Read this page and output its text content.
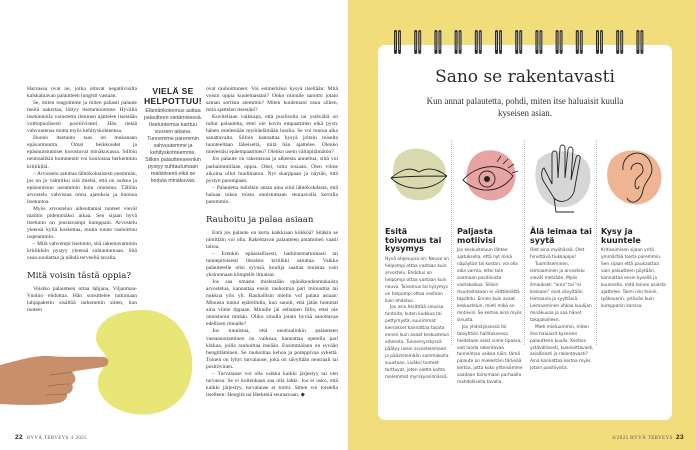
Harvassa ovat ne, jotka ottavat negatiivisilta kalskahtavan palautteen lungisti vastaan.

Se, miten reagoimme ja miten pahasti palaute meitä nakertaa, liittyy itsetuntoomme. Hyvällä itsetunnolla varustettu ihminen ajattelee itsestään voittopuolisesti positiivisesti. Hän tietää vahvuutensa mutta myös kehityskohteensa.

Huono itsetunto taas on mukanaan epävarmuutta. Omat heikkoudet ja epäonnistumiset korostuvat minäkuvassa. Silloin neutraalikin kommentti voi kuulostaa herkemmin kritiikiltä.

– Arvostelu satuttaa lähtökohtaisesti enemmän, jos on jo valmiiksi sitä mieltä, että on surkea ja epäonnistuu useammin kuin onnistuu. Tällöin arvostelu vahvistaa omia ajatuksia ja huonoa itsetuntoa.

Myös arvostelun aiheuttamat tunteet vievät mailtin pidemmäksi aikaa. Sen sijaan hyvä itsetunto on joustavampi kumppani. Arvostelu yleensä kyllä koskettaa, mutta tunne rauhoittuu nopeammin.

– Mitä vahvempi itsetunto, sitä rakentavammin kritiikkiin pystyy yleensä suhtautumaan. Sitä osaa suodattaa ja nähdä terveellä tavalla.

Mitä voisin tästä oppia?

Voisiko palautteen ottaa lahjana, Viljanmaa-Vuohio ehdottaa. Hän suosittelee tutkimaan lahjapaketin sisältöä tarkemmin sitten, kun tunteet

VIELÄ SE HELPOTTUU!

Elämänkokemus auttaa palautteen sietämisessä. Itsetuntemus karttuu vuosien aikana. Tunnemme paremmin vahvuutemme ja kehityskohteemme. Silloin palautteeseenkin pystyy suhtautumaan realistisesti eikä se horjuta minäkuvaa.

ovat rauhoittuneet. Voi esimerkiksi kysyä itseltään: Mitä voisin oppia kuulemastani? Onko minulle sanottu jotain saman sortista aiemmin? Miten kuulemani osuu siihen, mitä ajattelen itsestäni?

Kuvitellaan vaikkapa, että puolisolta tai ystävältä on tullut palautetta, ettei ole kovin empaattinen eikä pysty hänen mielestään myötäelämään huolia. Se voi tuntua aika sanattavalta. Silloin kannattaa kysyä joltain toiselta luonteeltaan läheiseltä, mitä hän ajattelee. Olenko mielestäsi epäempaattinen? Olenko usein välinpitämätön?

Jos palaute on rakentavaa ja alkeesta annettua, siitä voi parhaimmillaan oppia. Okei, totta tosiaan. Olen viime aikoina ollut huolimaton. Nyt skarppaan ja näytän, että pystyn parempaan.

– Palautetta tulisikin antaa aina siitä lähtökohdasta, että haluaa tukea toista onnistumaan seuraavalla kerralla paremmin.

Rauhoitu ja palaa asiaan

Entä jos palaute on kerta kaikkiaan kökköä? Sitäkin se nimittäin voi olla. Rakentavan palautteen antaminen vaatii taitoa.

– Erenkin epäasiallisesti, harkitsemattomasti tai tunnepitoisesti ilmaistu kritiikki satuttaa. Vaikka palautteelle olisi syynsä, kuulija saattaa muistaa vain yksinomaan kömpelöt ilmaisut.

Jos saa omasta mielestään epäoikeudenmukaista arvostelua, kannattaa ensin rauhoittua pari minuuttia tai nukkua yön yli. Rauhallisin mielin voi palata asiaan: Minusta tuntui epäreilulta, kun sanoit, että jätän hommat aina viime tippaan. Minulle jäi sellainen fiilis, ettei ole onnistunut mitään. Oliko sinulla jotain hyvää sanottavaa edellisen rinnalle?

Jos tunnistaa, että neutraalinkin palautteen vastaanottaminen on vaikeaa, kannattaa opetella pari kikkaa, joilla rauhoittaa itseään. Ensimmäinen on syvään hengittäminen. Se rauhoittaa kehoa ja pomppivaa sykettä. Toinen on lyhyt turvalause, joka on sävyltään neutraali tai positiivinen.

– Turvalause voi olla vaikka kaikki järjestyy tai olet turvassa. Se ei kuitenkaan saa olla lahki. Jos ei usko, että kaikki järjestyy, turvalause ei toimi. Sitten voi toistella itselleen: Hengitä tai Hetkestä seuraavaan. ◆

22 HYVÄ TERVEYS 4·2025
Sano se rakentavasti
Kun annat palautetta, pohdi, miten itse haluaisit kuulla kyseisen asian.
Esitä toivomus tai kysymys

Hyvä ohjenuora on: Neuvo on helpompi ottaa vastaan kuin arvostelu. Ehdotus on helpompi ottaa vastaan kuin neuvo. Toivomus tai kysymys on helpompi ottaa vastaan kuin ehdotus.

Jos asia herättää sinussa tunteita, kuten kiukkua tai pettymystä, suurimmat kierrokset kannattaa tasata ennen kuin avaat keskustelun aiheesta. Tunnemyrskyssä päätyy usein arvostelemaan ja päästelemään sammakoita suustaan. Lisäksi tunteet tarttuvat, joten olette kohta molemmat myrskynsilmässä.

Paljasta motiivisi

Jos keskusteluun lähtee ajatuksella, että nyt minä näpäytän tai kostan, voi olla aika varma, ettei tule saamaan positiivista vastakaikua. Silloin muutostakaan ei välttämättä tapahdu. Ennen kuin avaat keskustelun, mieti mikä on motiivisi. Se kertoo aina myös sinusta.

Jos yhdistyksessä tai taloyhtiön hallituksessa hoidetaan asiat viime tipassa, voit luoda rakentavaa tunnelmaa vaikka näin: tämä palaute on mielestäni tärkeää kertoa, jotta koko yhteisömme saadaan toimimaan parhaalla mahdollisella tavalla.

Älä leimaa tai syytä

Olet aina myöhässä. Olet hirvittävä tiukkapipo!

Tuomitseminen, leimaaminen ja arvostelu vievät metsään. Myös ilmaukset: "aina" tai "ei koskaan" ovat sävyltään leimaavia ja syyttäviä. Leimaaminen uhkaa kuulijan minäkuvaa ja saa hänet takajaloilleen.

Mieti mieluummin, miten itse haluaisit kyseisen palautteen kuulla. Kenties ystävällisesti, kunnioittavasti, asiallisesti ja rakentavasti? Aina kannattaa kertoa myös jotain positiivista.

Kysy ja kuuntele

Kritisoimisen sijaan yritä ymmärtää toista paremmin. Sen sijaan että paukauttaa vain palautteen pöytään, kannattaa ensin kysellä ja kuunnella, mitä toinen asiasta ajattelee. Toimi niin teinin, työkaverin, ystävän kuin kumppanin kanssa.

4/2025 HYVÄ TERVEYS 23
